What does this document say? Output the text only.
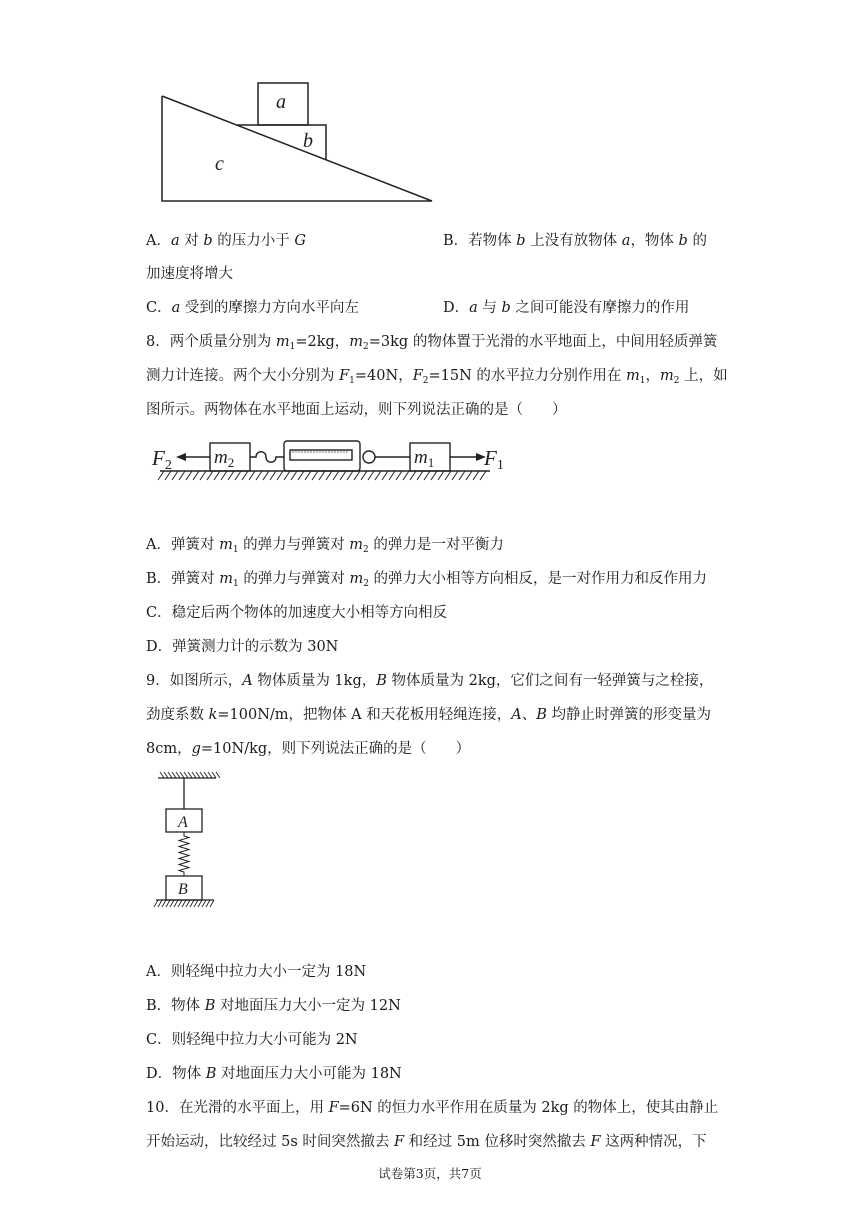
a
b
c
A．a 对 b 的压力小于 G	B．若物体 b 上没有放物体 a，物体 b 的
加速度将增大
C．a 受到的摩擦力方向水平向左	D．a 与 b 之间可能没有摩擦力的作用
8．两个质量分别为 $m_1=2kg$，$m_2=3kg$ 的物体置于光滑的水平地面上，中间用轻质弹簧
测力计连接。两个大小分别为 $F_1=40N$，$F_2=15N$ 的水平拉力分别作用在 $m_1$，$m_2$ 上，如
图所示。两物体在水平地面上运动，则下列说法正确的是（　　）
F2 $m_2$	$m_1$ F1
A．弹簧对 $m_1$ 的弹力与弹簧对 $m_2$ 的弹力是一对平衡力
B．弹簧对 $m_1$ 的弹力与弹簧对 $m_2$ 的弹力大小相等方向相反，是一对作用力和反作用力
C．稳定后两个物体的加速度大小相等方向相反
D．弹簧测力计的示数为 30N
9．如图所示，A 物体质量为 1kg，B 物体质量为 2kg，它们之间有一轻弹簧与之栓接，
劲度系数 k=100N/m，把物体 A 和天花板用轻绳连接，A、B 均静止时弹簧的形变量为
8cm，g=10N/kg，则下列说法正确的是（　　）
A
B
A．则轻绳中拉力大小一定为 18N
B．物体 B 对地面压力大小一定为 12N
C．则轻绳中拉力大小可能为 2N
D．物体 B 对地面压力大小可能为 18N
10．在光滑的水平面上，用 F=6N 的恒力水平作用在质量为 2kg 的物体上，使其由静止
开始运动，比较经过 5s 时间突然撤去 F 和经过 5m 位移时突然撤去 F 这两种情况，下
试卷第3页，共7页
